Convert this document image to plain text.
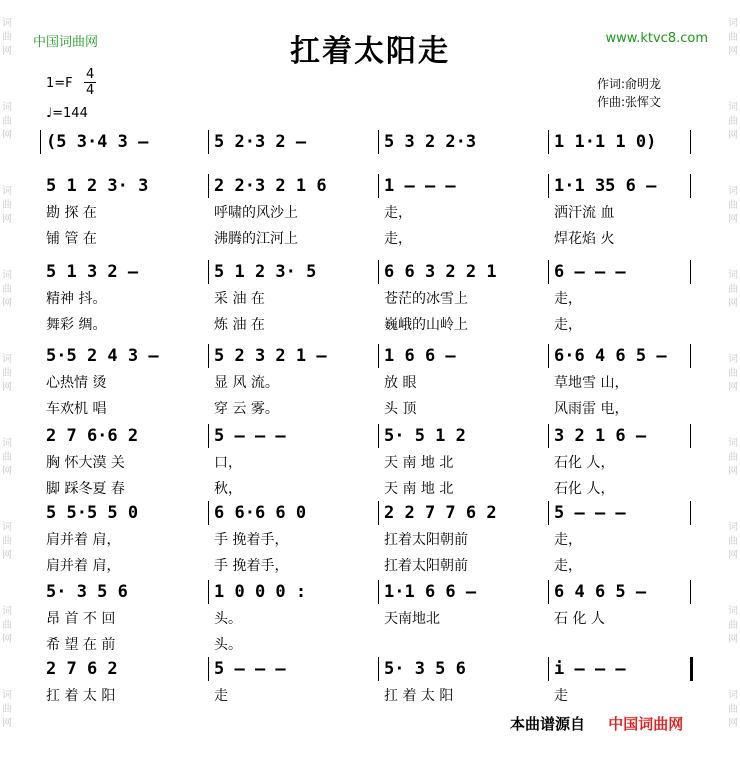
词
曲
网
词
曲
网
词
曲
网
词
曲
网
词
曲
网
词
曲
网
词
曲
网
词
曲
网
词
曲
网
词
曲
网
词
曲
网
词
曲
网
词
曲
网
词
曲
网
词
曲
网
词
曲
网
词
曲
网
词
曲
网
中国词曲网	www.ktvc8.com
扛着太阳走
$1=F \frac{4}{4}$
♩=144
作词:俞明龙
作曲:张恽文
(5 3·4 3 –	5 2·3 2 –	5 3 2 2·3	1 1·1 1 0)
5 1 2 3· 3	2 2·3 2 1 6	1 – – –	1·1 35 6 –
勘 探 在	呼啸的风沙上	走，	洒汗流 血
铺 管 在	沸腾的江河上	走，	焊花焰 火
5 1 3 2 –	5 1 2 3· 5	6 6 3 2 2 1	6 – – –
精神 抖。	采 油 在	苍茫的冰雪上	走，
舞彩 绸。	炼 油 在	巍峨的山岭上	走，
5·5 2 4 3 –	5 2 3 2 1 –	1 6 6 –	6·6 4 6 5 –
心热情 烫	显 风 流。	放 眼	草地雪 山，
车欢机 唱	穿 云 雾。	头 顶	风雨雷 电，
2 7 6·6 2	5 – – –	5· 5 1 2	3 2 1 6 –
胸 怀大漠 关	口，	天 南 地 北	石化 人，
脚 踩冬夏 春	秋，	天 南 地 北	石化 人，
5 5·5 5 0	6 6·6 6 0	2 2 7 7 6 2	5 – – –
肩并着 肩，	手 挽着手，	扛着太阳朝前	走，
肩并着 肩，	手 挽着手，	扛着太阳朝前	走，
5· 3 5 6	1 0 0 0 :	1·1 6 6 –	6 4 6 5 –
昂 首 不 回	头。	天南地北	石 化 人
希 望 在 前	头。
2 7 6 2	5 – – –	5· 3 5 6	i – – –
扛 着 太 阳	走	扛 着 太 阳	走
本曲谱源自 中国词曲网
